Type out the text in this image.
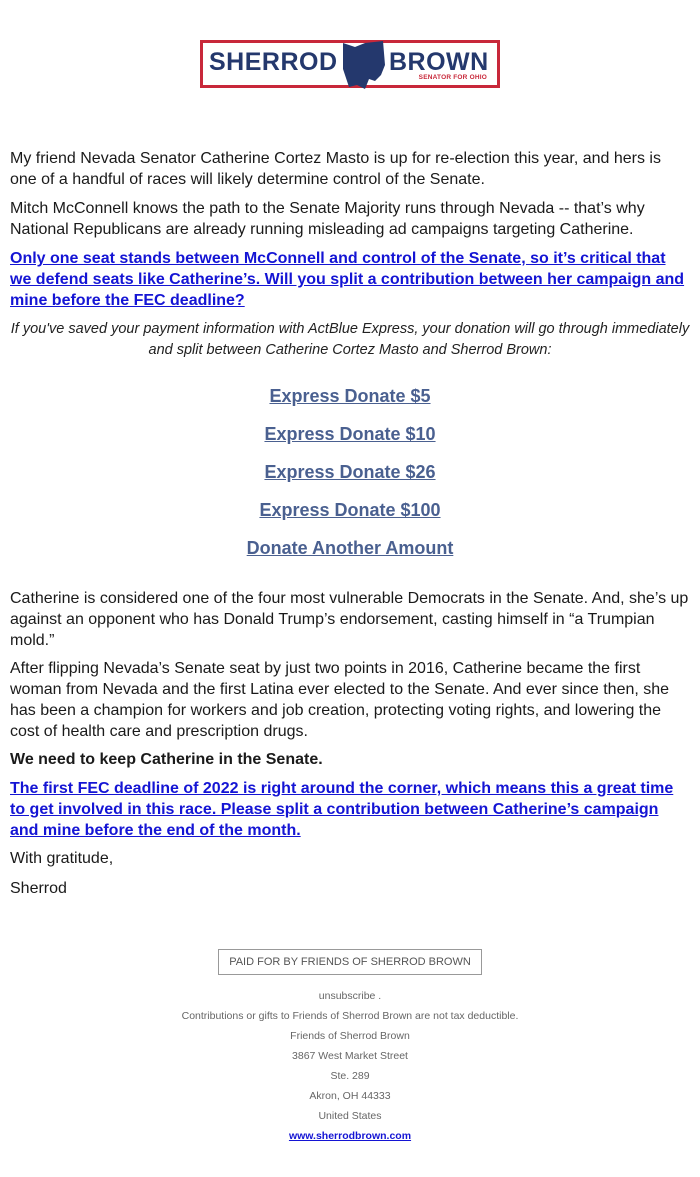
SHERROD BROWN
SENATOR FOR OHIO

My friend Nevada Senator Catherine Cortez Masto is up for re-election this year, and hers is one of a handful of races will likely determine control of the Senate.

Mitch McConnell knows the path to the Senate Majority runs through Nevada -- that’s why National Republicans are already running misleading ad campaigns targeting Catherine.

Only one seat stands between McConnell and control of the Senate, so it’s critical that we defend seats like Catherine’s. Will you split a contribution between her campaign and mine before the FEC deadline?
If you've saved your payment information with ActBlue Express, your donation will go through immediately and split between Catherine Cortez Masto and Sherrod Brown:
Express Donate $5
Express Donate $10
Express Donate $26
Express Donate $100
Donate Another Amount

Catherine is considered one of the four most vulnerable Democrats in the Senate. And, she’s up against an opponent who has Donald Trump’s endorsement, casting himself in “a Trumpian mold.”

After flipping Nevada’s Senate seat by just two points in 2016, Catherine became the first woman from Nevada and the first Latina ever elected to the Senate. And ever since then, she has been a champion for workers and job creation, protecting voting rights, and lowering the cost of health care and prescription drugs.

We need to keep Catherine in the Senate.

The first FEC deadline of 2022 is right around the corner, which means this a great time to get involved in this race. Please split a contribution between Catherine’s campaign and mine before the end of the month.

With gratitude,

Sherrod

PAID FOR BY FRIENDS OF SHERROD BROWN
unsubscribe .
Contributions or gifts to Friends of Sherrod Brown are not tax deductible.
Friends of Sherrod Brown
3867 West Market Street
Ste. 289
Akron, OH 44333
United States
www.sherrodbrown.com
